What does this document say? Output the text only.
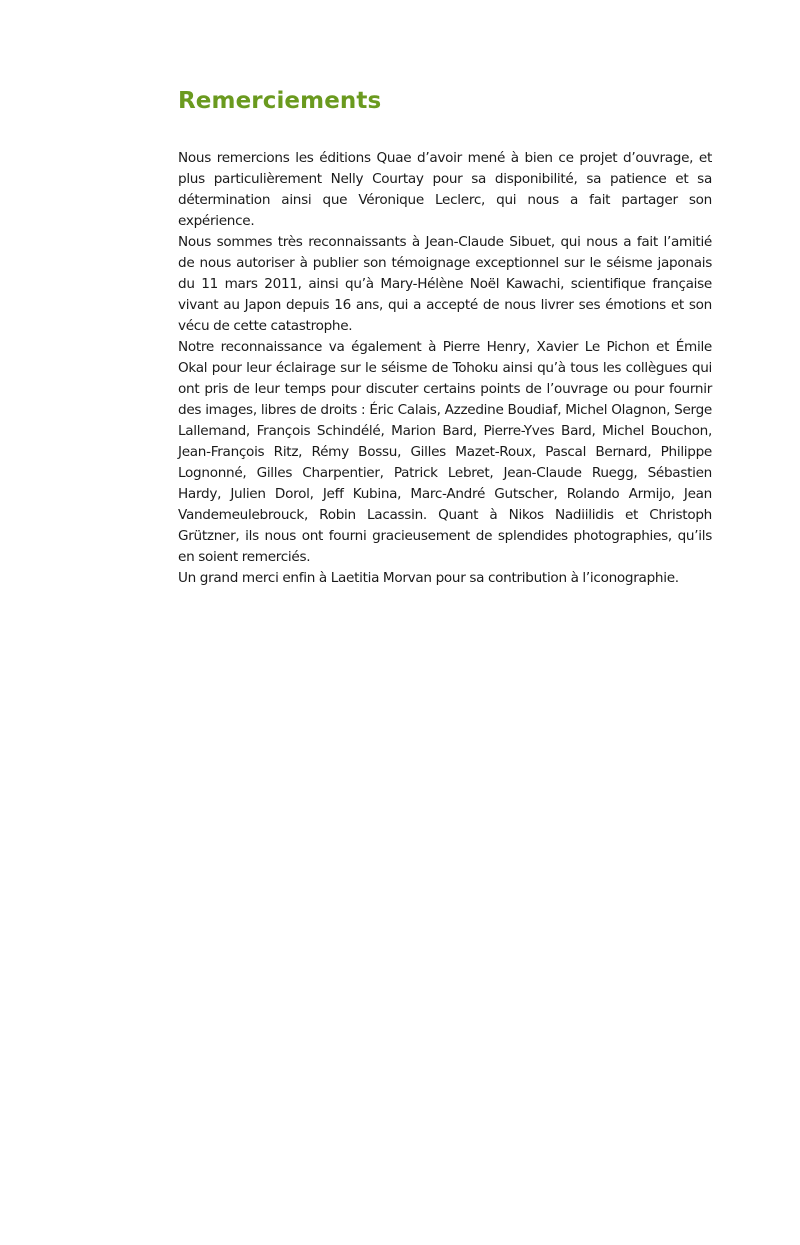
Remerciements

Nous remercions les éditions Quae d’avoir mené à bien ce projet d’ouvrage, et plus particulièrement Nelly Courtay pour sa disponibilité, sa patience et sa détermination ainsi que Véronique Leclerc, qui nous a fait partager son expérience.

Nous sommes très reconnaissants à Jean-Claude Sibuet, qui nous a fait l’amitié de nous autoriser à publier son témoignage exceptionnel sur le séisme japonais du 11 mars 2011, ainsi qu’à Mary-Hélène Noël Kawachi, scientifique française vivant au Japon depuis 16 ans, qui a accepté de nous livrer ses émotions et son vécu de cette catastrophe.

Notre reconnaissance va également à Pierre Henry, Xavier Le Pichon et Émile Okal pour leur éclairage sur le séisme de Tohoku ainsi qu’à tous les collègues qui ont pris de leur temps pour discuter certains points de l’ouvrage ou pour fournir des images, libres de droits : Éric Calais, Azzedine Boudiaf, Michel Olagnon, Serge Lallemand, François Schindélé, Marion Bard, Pierre-Yves Bard, Michel Bouchon, Jean-François Ritz, Rémy Bossu, Gilles Mazet-Roux, Pascal Bernard, Philippe Lognonné, Gilles Charpentier, Patrick Lebret, Jean-Claude Ruegg, Sébastien Hardy, Julien Dorol, Jeff Kubina, Marc-André Gutscher, Rolando Armijo, Jean Vandemeulebrouck, Robin Lacassin. Quant à Nikos Nadiilidis et Christoph Grützner, ils nous ont fourni gracieusement de splendides photographies, qu’ils en soient remerciés.

Un grand merci enfin à Laetitia Morvan pour sa contribution à l’iconographie.
